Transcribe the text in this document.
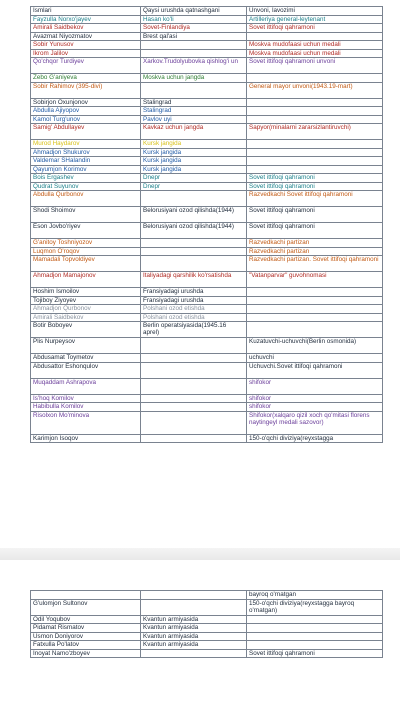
Ismlari	Qaysi urushda qatnashgani	Unvoni, lavozimi
Fayzulla Norxo'jayev	Hasan ko'li	Artilleriya general-leytenant
Amirali Saidbekov	Sovet-Finlandiya	Sovet ittifoqi qahramoni
Avazmat Niyozmatov	Brest qal'asi	
Sobir Yunusov		Moskva mudofaasi uchun medali
Ikrom Jalilov		Moskva mudofaasi uchun medali
Qo'chqor Turdiyev	Xarkov.Trudolyubovka qishlog'i un	Sovet ittifoqi qahramoni unvoni
Zebo G'aniyeva	Moskva uchun jangda	
Sobir Rahimov (395-divi)		General mayor unvoni(1943.19-mart)
Sobirjon Oxunjonov	Stalingrad	
Abdulla Ajiyopov	Stalingrad	
Kamol Turg'unov	Pavlov uyi	
Samig' Abdullayev	Kavkaz uchun jangda	Sapyor(minalarni zararsizlantiruvchi)
Murod Haydarov	Kursk jangida	
Ahmadjon Shukurov	Kursk jangida	
Valdemar SHalandin	Kursk jangida	
Qayumjon Korimov	Kursk jangida	
Bois Ergashev	Dnepr	Sovet ittifoqi qahramoni
Qudrat Suyunov	Dnepr	Sovet ittifoqi qahramoni
Abdulla Qurbonov		Razvedkachi Sovet ittifoqi qahramoni
Shodi Shoimov	Belorusiyani ozod qilishda(1944)	Sovet ittifoqi qahramoni
Eson Jovbo'riyev	Belorusiyani ozod qilishda(1944)	Sovet ittifoqi qahramoni
G'anitoy Toshniyozov		Razvedkachi partizan
Luqmon O'roqov		Razvedkachi partizan
Mamadali Topvoldiyev		Razvedkachi partizan. Sovet ittifoqi qahramoni
Ahmadjon Mamajonov	Italiyadagi qarshilik ko'rsatishda	"Vatanparvar" guvohnomasi
Hoshim Ismoilov	Fransiyadagi urushda	
Tojiboy Ziyoyev	Fransiyadagi urushda	
Ahmadjon Qurbonov	Polshani ozod etishda	
Amirali Saidbekov	Polshani ozod etishda	
Botir Boboyev	Berlin operatsiyasida(1945.16 aprel)	
Plis Nurpeysov		Kuzatuvchi-uchuvchi(Berlin osmonida)
Abdusamat Toymetov		uchuvchi
Abdusattor Eshonqulov		Uchuvchi.Sovet ittifoqi qahramoni
Muqaddam Ashrapova		shifokor
Is'hoq Komilov		shifokor
Habibulla Komilov		shifokor
Risolxon Mo'minova		Shifokor(xalqaro qizil xoch qo'mitasi florens naytingeyl medali sazovor)
Karimjon Isoqov		150-o'qchi diviziya(reyxstagga
		bayroq o'rnatgan
G'ulomjon Sultonov		150-o'qchi diviziya(reyxstagga bayroq o'rnatgan)
Odil Yoqubov	Kvantun armiyasida	
Pidamat Rismatov	Kvantun armiyasida	
Usmon Doniyorov	Kvantun armiyasida	
Fatxulla Po'latov	Kvantun armiyasida	
Inoyat Namo'zboyev		Sovet ittifoqi qahramoni
